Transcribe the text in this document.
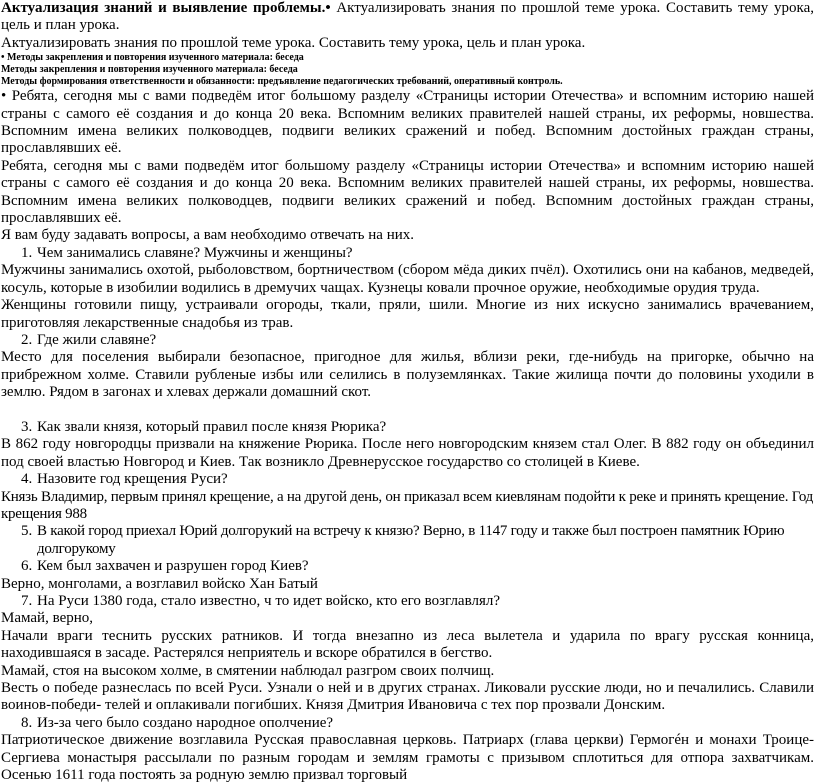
Актуализация знаний и выявление проблемы.• Актуализировать знания по прошлой теме урока. Составить тему урока, цель и план урока.

Актуализировать знания по прошлой теме урока. Составить тему урока, цель и план урока.

• Методы закрепления и повторения изученного материала: беседа

Методы закрепления и повторения изученного материала: беседа

Методы формирования ответственности и обязанности: предъявление педагогических требований, оперативный контроль.

• Ребята, сегодня мы с вами подведём итог большому разделу «Страницы истории Отечества» и вспомним историю нашей страны с самого её создания и до конца 20 века. Вспомним великих правителей нашей страны, их реформы, новшества. Вспомним имена великих полководцев, подвиги великих сражений и побед. Вспомним достойных граждан страны, прославлявших её.

Ребята, сегодня мы с вами подведём итог большому разделу «Страницы истории Отечества» и вспомним историю нашей страны с самого её создания и до конца 20 века. Вспомним великих правителей нашей страны, их реформы, новшества. Вспомним имена великих полководцев, подвиги великих сражений и побед. Вспомним достойных граждан страны, прославлявших её.

Я вам буду задавать вопросы, а вам необходимо отвечать на них.

1. Чем занимались славяне? Мужчины и женщины?

Мужчины занимались охотой, рыболовством, бортничеством (сбором мёда диких пчёл). Охотились они на кабанов, медведей, косуль, которые в изобилии водились в дремучих чащах. Кузнецы ковали прочное оружие, необходимые орудия труда.

Женщины готовили пищу, устраивали огороды, ткали, пряли, шили. Многие из них искусно занимались врачеванием, приготовляя лекарственные снадобья из трав.

2. Где жили славяне?

Место для поселения выбирали безопасное, пригодное для жилья, вблизи реки, где-нибудь на пригорке, обычно на прибрежном холме. Ставили рубленые избы или селились в полуземлянках. Такие жилища почти до половины уходили в землю. Рядом в загонах и хлевах держали домашний скот.

3. Как звали князя, который правил после князя Рюрика?

В 862 году новгородцы призвали на княжение Рюрика. После него новгородским князем стал Олег. В 882 году он объединил под своей властью Новгород и Киев. Так возникло Древнерусское государство со столицей в Киеве.

4. Назовите год крещения Руси?

Князь Владимир, первым принял крещение, а на другой день, он приказал всем киевлянам подойти к реке и принять крещение. Год крещения 988

5. В какой город приехал Юрий долгорукий на встречу к князю? Верно, в 1147 году и также был построен памятник Юрию долгорукому
6. Кем был захвачен и разрушен город Киев?

Верно, монголами, а возглавил войско Хан Батый

7. На Руси 1380 года, стало известно, ч то идет войско, кто его возглавлял?

Мамай, верно,

Начали враги теснить русских ратников. И тогда внезапно из леса вылетела и ударила по врагу русская конница, находившаяся в засаде. Растерялся неприятель и вскоре обратился в бегство.

Мамай, стоя на высоком холме, в смятении наблюдал разгром своих полчищ.

Весть о победе разнеслась по всей Руси. Узнали о ней и в других странах. Ликовали русские люди, но и печалились. Славили воинов-победи- телей и оплакивали погибших. Князя Дмитрия Ивановича с тех пор прозвали Донским.

8. Из-за чего было создано народное ополчение?

Патриотическое движение возглавила Русская православная церковь. Патриарх (глава церкви) Гермогéн и монахи Троице-Сергиева монастыря рассылали по разным городам и землям грамоты с призывом сплотиться для отпора захватчикам. Осенью 1611 года постоять за родную землю призвал торговый
